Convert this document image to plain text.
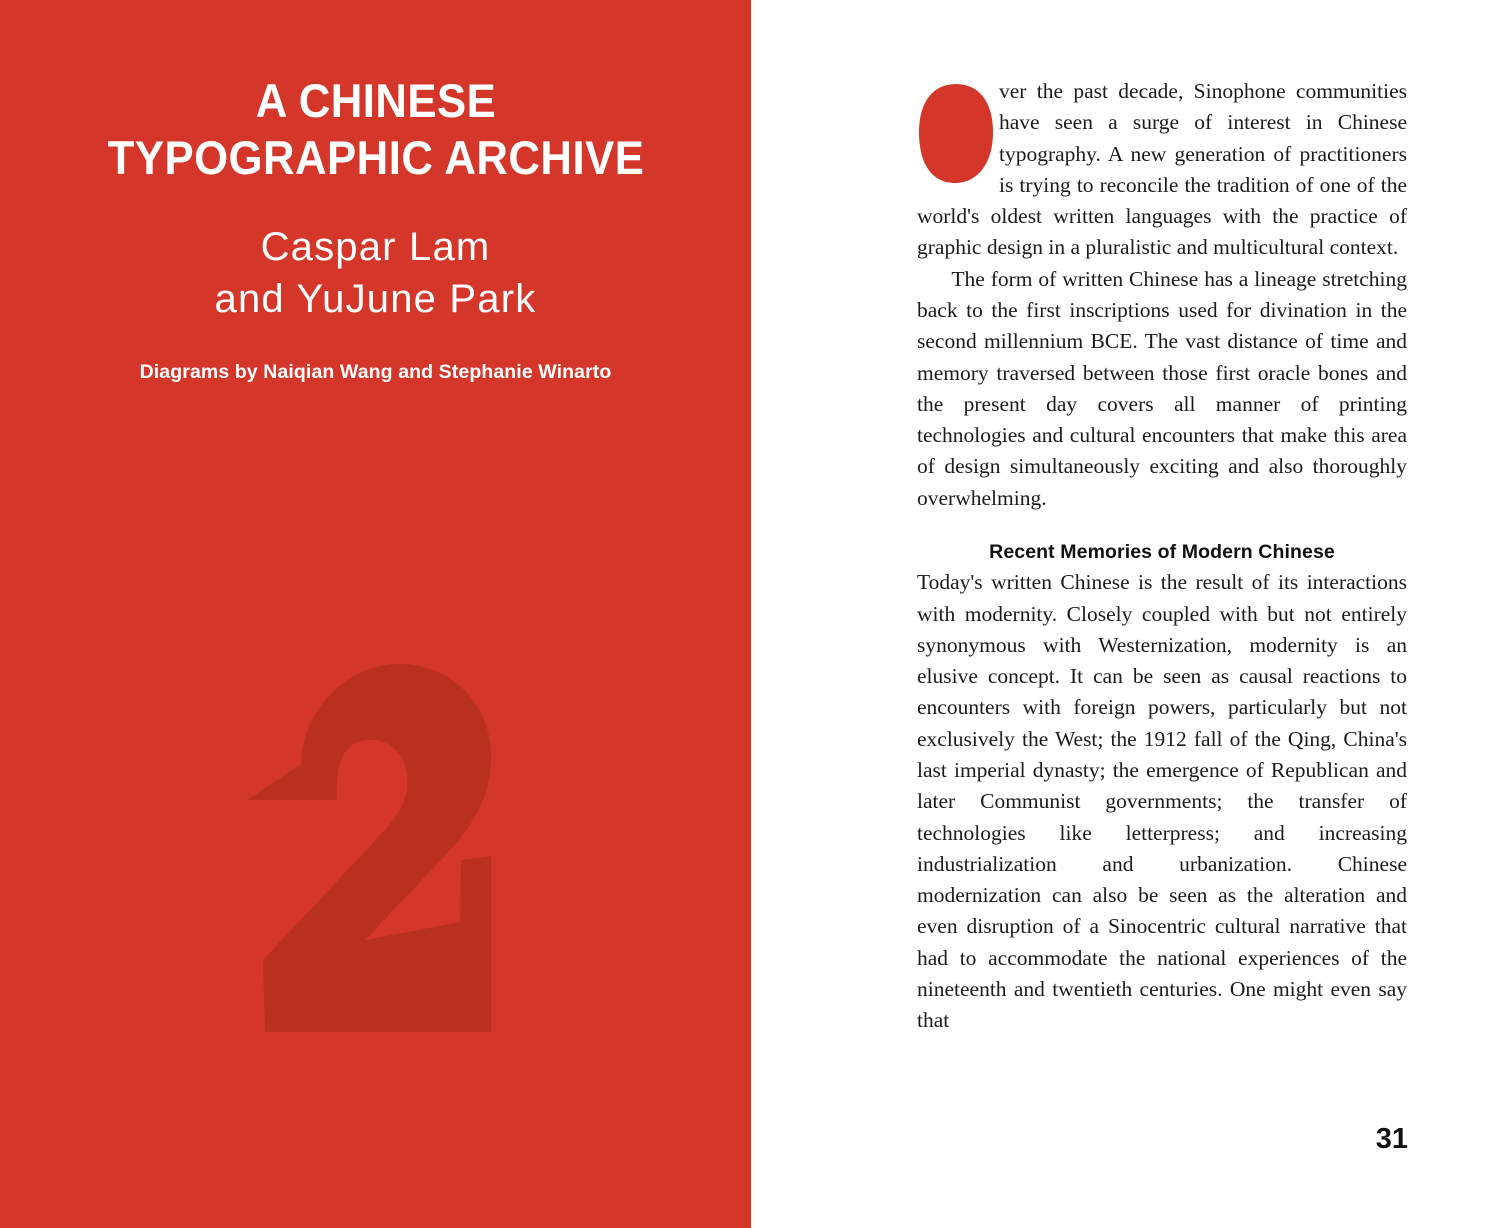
A CHINESE
TYPOGRAPHIC ARCHIVE
Caspar Lam
and YuJune Park
Diagrams by Naiqian Wang and Stephanie Winarto

ver the past decade, Sinophone communities have seen a surge of interest in Chinese typography. A new generation of practitioners is trying to reconcile the tradition of one of the world's oldest written languages with the practice of graphic design in a pluralistic and multicultural context.

The form of written Chinese has a lineage stretching back to the first inscriptions used for divination in the second millennium BCE. The vast distance of time and memory traversed between those first oracle bones and the present day covers all manner of printing technologies and cultural encounters that make this area of design simultaneously exciting and also thoroughly overwhelming.

Recent Memories of Modern Chinese

Today's written Chinese is the result of its interactions with modernity. Closely coupled with but not entirely synonymous with Westernization, modernity is an elusive concept. It can be seen as causal reactions to encounters with foreign powers, particularly but not exclusively the West; the 1912 fall of the Qing, China's last imperial dynasty; the emergence of Republican and later Communist governments; the transfer of technologies like letterpress; and increasing industrialization and urbanization. Chinese modernization can also be seen as the alteration and even disruption of a Sinocentric cultural narrative that had to accommodate the national experiences of the nineteenth and twentieth centuries. One might even say that

31
